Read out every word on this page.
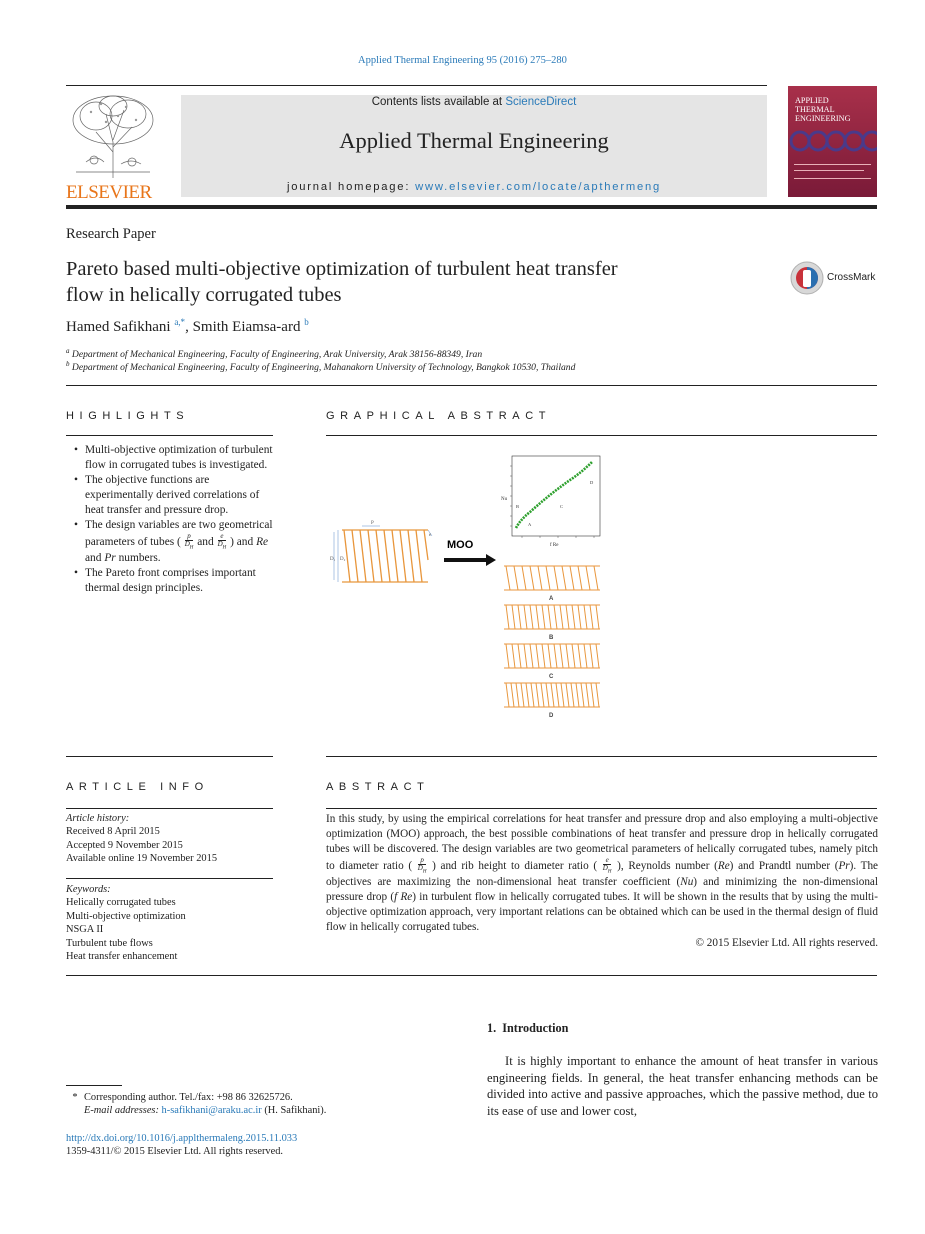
Applied Thermal Engineering 95 (2016) 275–280
ELSEVIER
Contents lists available at ScienceDirect
Applied Thermal Engineering
journal homepage: www.elsevier.com/locate/apthermeng
APPLIED
THERMAL
ENGINEERING
Research Paper
Pareto based multi-objective optimization of turbulent heat transfer
flow in helically corrugated tubes
CrossMark
Hamed Safikhani $^{a,*}$, Smith Eiamsa-ard $^b$
$^a$ Department of Mechanical Engineering, Faculty of Engineering, Arak University, Arak 38156-88349, Iran
$^b$ Department of Mechanical Engineering, Faculty of Engineering, Mahanakorn University of Technology, Bangkok 10530, Thailand
HIGHLIGHTS
• Multi-objective optimization of turbulent flow in corrugated tubes is investigated.
• The objective functions are experimentally derived correlations of heat transfer and pressure drop.
• The design variables are two geometrical parameters of tubes ( $\frac{p}{D_H}$ and $\frac{e}{D_H}$ ) and Re and Pr numbers.
• The Pareto front comprises important thermal design principles.
GRAPHICAL ABSTRACT
D₁ D₂
P
e
MOO
Nu
f Re
A
B	C
D
A
B
C
D
ARTICLE INFO
Article history:
Received 8 April 2015
Accepted 9 November 2015
Available online 19 November 2015
Keywords:
Helically corrugated tubes
Multi-objective optimization
NSGA II
Turbulent tube flows
Heat transfer enhancement
ABSTRACT
In this study, by using the empirical correlations for heat transfer and pressure drop and also employing a multi-objective optimization (MOO) approach, the best possible combinations of heat transfer and pressure drop in helically corrugated tubes will be discovered. The design variables are two geometrical parameters of helically corrugated tubes, namely pitch to diameter ratio ( $\frac{p}{D_H}$ ) and rib height to diameter ratio ( $\frac{e}{D_H}$ ), Reynolds number (Re) and Prandtl number (Pr). The objectives are maximizing the non-dimensional heat transfer coefficient (Nu) and minimizing the non-dimensional pressure drop (f Re) in turbulent flow in helically corrugated tubes. It will be shown in the results that by using the multi-objective optimization approach, very important relations can be obtained which can be used in the thermal design of fluid flow in helically corrugated tubes.
© 2015 Elsevier Ltd. All rights reserved.
1.  Introduction
It is highly important to enhance the amount of heat transfer in various engineering fields. In general, the heat transfer enhancing methods can be divided into active and passive approaches, which the passive method, due to its ease of use and lower cost,
* Corresponding author. Tel./fax: +98 86 32625726.
E-mail addresses: h-safikhani@araku.ac.ir (H. Safikhani).
http://dx.doi.org/10.1016/j.applthermaleng.2015.11.033
1359-4311/© 2015 Elsevier Ltd. All rights reserved.
